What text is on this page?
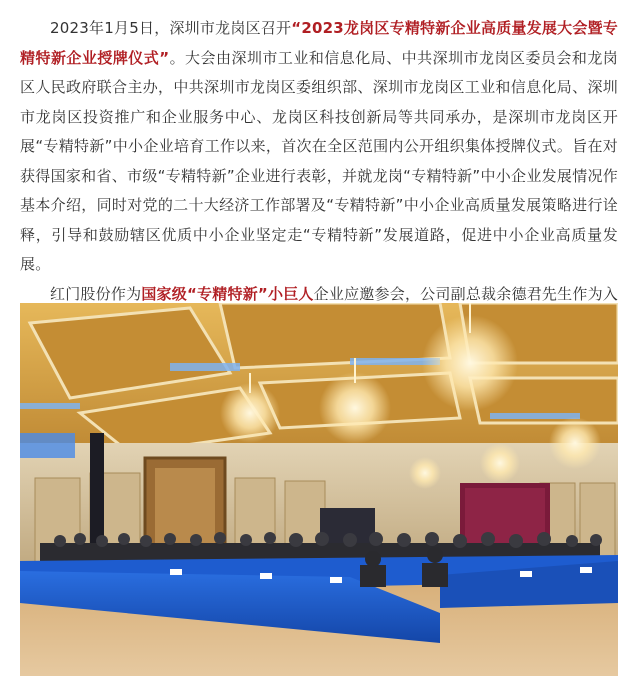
2023年1月5日，深圳市龙岗区召开“2023龙岗区专精特新企业高质量发展大会暨专精特新企业授牌仪式”。大会由深圳市工业和信息化局、中共深圳市龙岗区委员会和龙岗区人民政府联合主办，中共深圳市龙岗区委组织部、深圳市龙岗区工业和信息化局、深圳市龙岗区投资推广和企业服务中心、龙岗区科技创新局等共同承办，是深圳市龙岗区开展“专精特新”中小企业培育工作以来，首次在全区范围内公开组织集体授牌仪式。旨在对获得国家和省、市级“专精特新”企业进行表彰，并就龙岗“专精特新”中小企业发展情况作基本介绍，同时对党的二十大经济工作部署及“专精特新”中小企业高质量发展策略进行诠释，引导和鼓励辖区优质中小企业坚定走“专精特新”发展道路，促进中小企业高质量发展。

红门股份作为国家级“专精特新”小巨人企业应邀参会，公司副总裁余德君先生作为入
